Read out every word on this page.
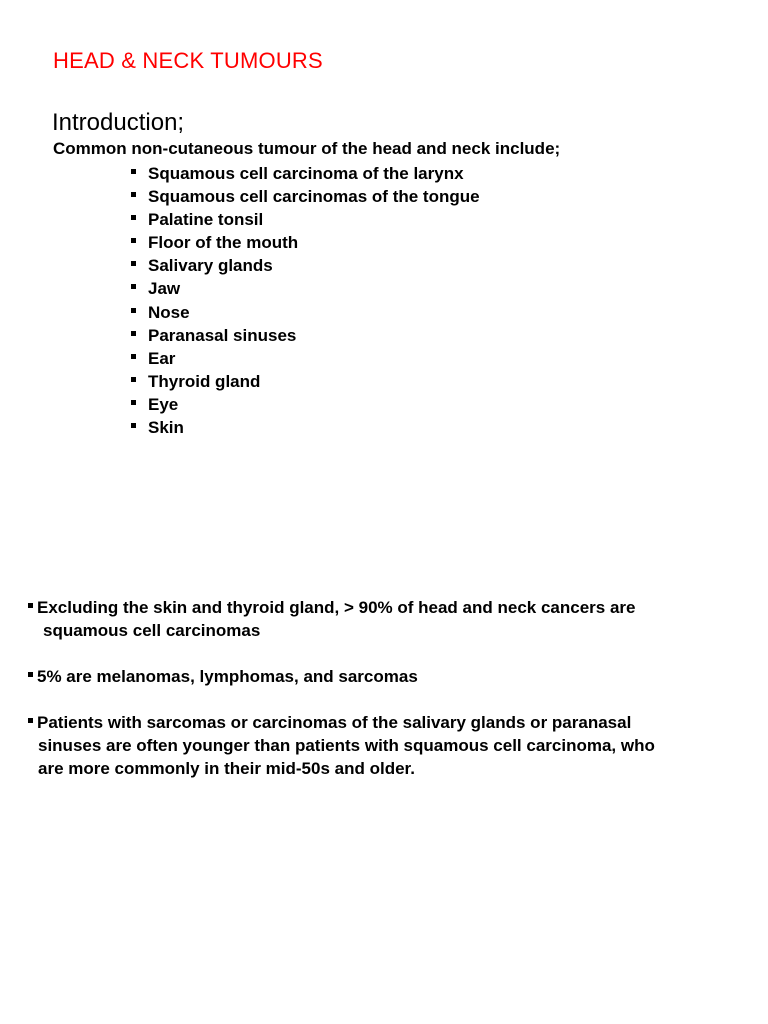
HEAD & NECK TUMOURS
Introduction;
Common non-cutaneous tumour of the head and neck include;
Squamous cell carcinoma of the larynx
Squamous cell carcinomas of the tongue
Palatine tonsil
Floor of the mouth
Salivary glands
Jaw
Nose
Paranasal sinuses
Ear
Thyroid gland
Eye
Skin
Excluding the skin and thyroid gland, > 90% of head and neck cancers are
squamous cell carcinomas
5% are melanomas, lymphomas, and sarcomas
Patients with sarcomas or carcinomas of the salivary glands or paranasal
sinuses are often younger than patients with squamous cell carcinoma, who
are more commonly in their mid-50s and older.
